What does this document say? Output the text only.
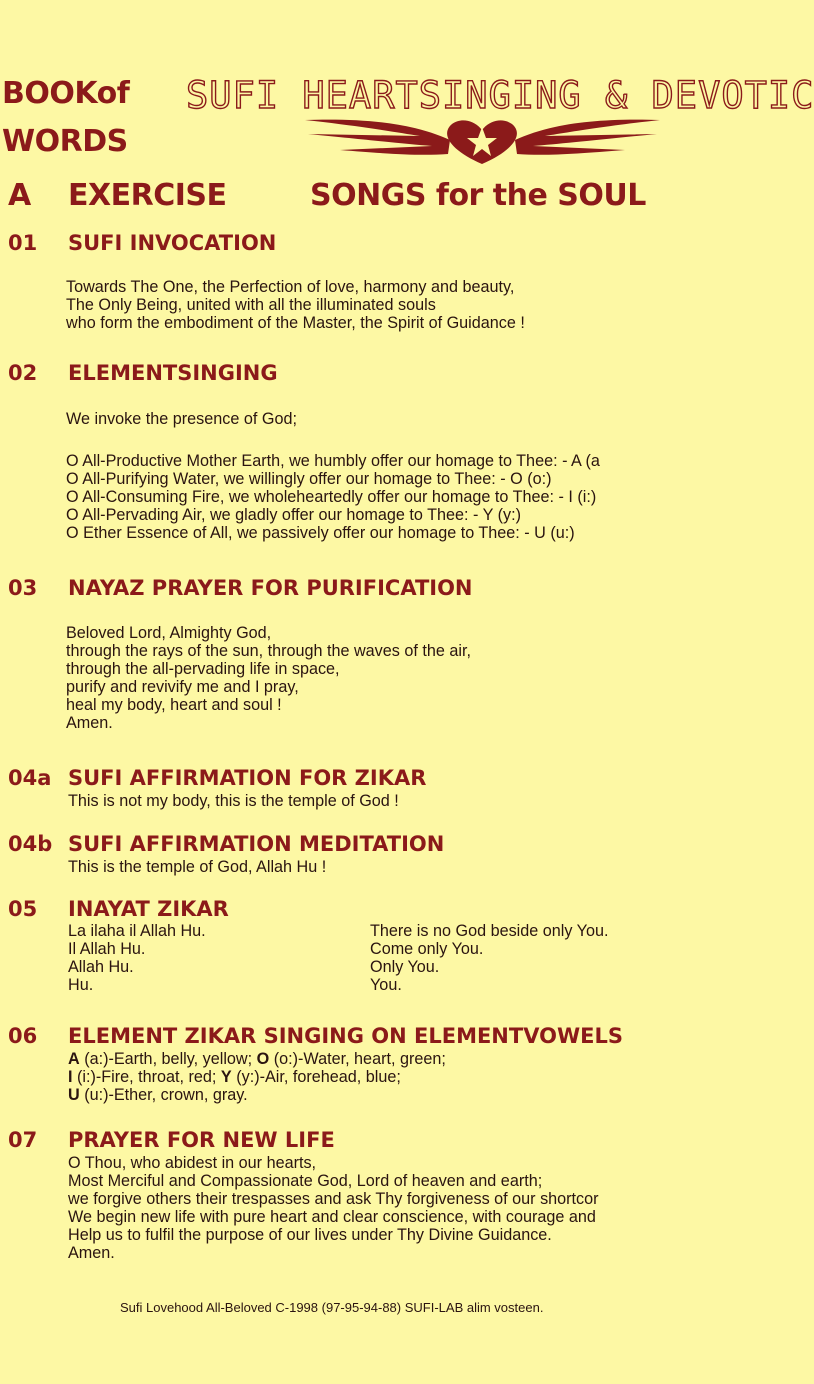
BOOKof
WORDS
SUFI HEARTSINGING & DEVOTIC
A EXERCISE	SONGS for the SOUL
01 SUFI INVOCATION
Towards The One, the Perfection of love, harmony and beauty,
The Only Being, united with all the illuminated souls
who form the embodiment of the Master, the Spirit of Guidance !
02 ELEMENTSINGING
We invoke the presence of God;
O All-Productive Mother Earth, we humbly offer our homage to Thee: - A (a
O All-Purifying Water, we willingly offer our homage to Thee: - O (o:)
O All-Consuming Fire, we wholeheartedly offer our homage to Thee: - I (i:)
O All-Pervading Air, we gladly offer our homage to Thee: - Y (y:)
O Ether Essence of All, we passively offer our homage to Thee: - U (u:)
03 NAYAZ PRAYER FOR PURIFICATION
Beloved Lord, Almighty God,
through the rays of the sun, through the waves of the air,
through the all-pervading life in space,
purify and revivify me and I pray,
heal my body, heart and soul !
Amen.
04a SUFI AFFIRMATION FOR ZIKAR
This is not my body, this is the temple of God !
04b SUFI AFFIRMATION MEDITATION
This is the temple of God, Allah Hu !
05 INAYAT ZIKAR
La ilaha il Allah Hu.
Il Allah Hu.
Allah Hu.
Hu.
There is no God beside only You.
Come only You.
Only You.
You.
06 ELEMENT ZIKAR SINGING ON ELEMENTVOWELS
A (a:)-Earth, belly, yellow; O (o:)-Water, heart, green;
I (i:)-Fire, throat, red; Y (y:)-Air, forehead, blue;
U (u:)-Ether, crown, gray.
07 PRAYER FOR NEW LIFE
O Thou, who abidest in our hearts,
Most Merciful and Compassionate God, Lord of heaven and earth;
we forgive others their trespasses and ask Thy forgiveness of our shortcor
We begin new life with pure heart and clear conscience, with courage and
Help us to fulfil the purpose of our lives under Thy Divine Guidance.
Amen.
Sufi Lovehood All-Beloved C-1998 (97-95-94-88) SUFI-LAB alim vosteen.
